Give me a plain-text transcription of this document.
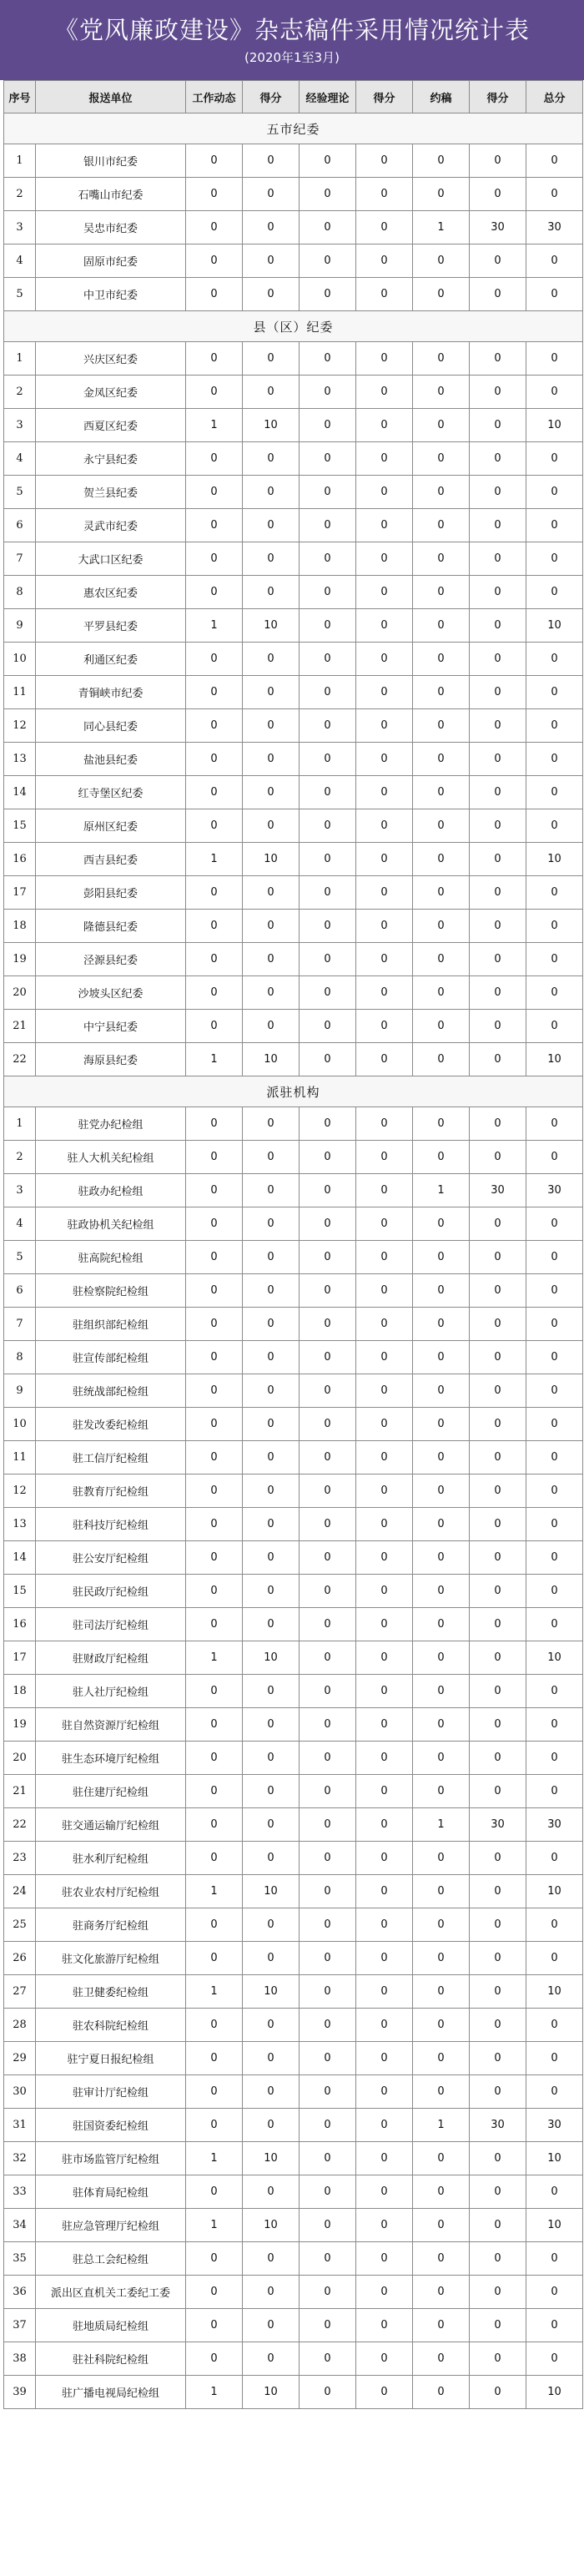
《党风廉政建设》杂志稿件采用情况统计表
(2020年1至3月)
序号	报送单位	工作动态	得分	经验理论	得分	约稿	得分	总分
五市纪委								
1	银川市纪委	0	0	0	0	0	0	0
2	石嘴山市纪委	0	0	0	0	0	0	0
3	吴忠市纪委	0	0	0	0	1	30	30
4	固原市纪委	0	0	0	0	0	0	0
5	中卫市纪委	0	0	0	0	0	0	0
县（区）纪委								
1	兴庆区纪委	0	0	0	0	0	0	0
2	金凤区纪委	0	0	0	0	0	0	0
3	西夏区纪委	1	10	0	0	0	0	10
4	永宁县纪委	0	0	0	0	0	0	0
5	贺兰县纪委	0	0	0	0	0	0	0
6	灵武市纪委	0	0	0	0	0	0	0
7	大武口区纪委	0	0	0	0	0	0	0
8	惠农区纪委	0	0	0	0	0	0	0
9	平罗县纪委	1	10	0	0	0	0	10
10	利通区纪委	0	0	0	0	0	0	0
11	青铜峡市纪委	0	0	0	0	0	0	0
12	同心县纪委	0	0	0	0	0	0	0
13	盐池县纪委	0	0	0	0	0	0	0
14	红寺堡区纪委	0	0	0	0	0	0	0
15	原州区纪委	0	0	0	0	0	0	0
16	西吉县纪委	1	10	0	0	0	0	10
17	彭阳县纪委	0	0	0	0	0	0	0
18	隆德县纪委	0	0	0	0	0	0	0
19	泾源县纪委	0	0	0	0	0	0	0
20	沙坡头区纪委	0	0	0	0	0	0	0
21	中宁县纪委	0	0	0	0	0	0	0
22	海原县纪委	1	10	0	0	0	0	10
派驻机构								
1	驻党办纪检组	0	0	0	0	0	0	0
2	驻人大机关纪检组	0	0	0	0	0	0	0
3	驻政办纪检组	0	0	0	0	1	30	30
4	驻政协机关纪检组	0	0	0	0	0	0	0
5	驻高院纪检组	0	0	0	0	0	0	0
6	驻检察院纪检组	0	0	0	0	0	0	0
7	驻组织部纪检组	0	0	0	0	0	0	0
8	驻宣传部纪检组	0	0	0	0	0	0	0
9	驻统战部纪检组	0	0	0	0	0	0	0
10	驻发改委纪检组	0	0	0	0	0	0	0
11	驻工信厅纪检组	0	0	0	0	0	0	0
12	驻教育厅纪检组	0	0	0	0	0	0	0
13	驻科技厅纪检组	0	0	0	0	0	0	0
14	驻公安厅纪检组	0	0	0	0	0	0	0
15	驻民政厅纪检组	0	0	0	0	0	0	0
16	驻司法厅纪检组	0	0	0	0	0	0	0
17	驻财政厅纪检组	1	10	0	0	0	0	10
18	驻人社厅纪检组	0	0	0	0	0	0	0
19	驻自然资源厅纪检组	0	0	0	0	0	0	0
20	驻生态环境厅纪检组	0	0	0	0	0	0	0
21	驻住建厅纪检组	0	0	0	0	0	0	0
22	驻交通运输厅纪检组	0	0	0	0	1	30	30
23	驻水利厅纪检组	0	0	0	0	0	0	0
24	驻农业农村厅纪检组	1	10	0	0	0	0	10
25	驻商务厅纪检组	0	0	0	0	0	0	0
26	驻文化旅游厅纪检组	0	0	0	0	0	0	0
27	驻卫健委纪检组	1	10	0	0	0	0	10
28	驻农科院纪检组	0	0	0	0	0	0	0
29	驻宁夏日报纪检组	0	0	0	0	0	0	0
30	驻审计厅纪检组	0	0	0	0	0	0	0
31	驻国资委纪检组	0	0	0	0	1	30	30
32	驻市场监管厅纪检组	1	10	0	0	0	0	10
33	驻体育局纪检组	0	0	0	0	0	0	0
34	驻应急管理厅纪检组	1	10	0	0	0	0	10
35	驻总工会纪检组	0	0	0	0	0	0	0
36	派出区直机关工委纪工委	0	0	0	0	0	0	0
37	驻地质局纪检组	0	0	0	0	0	0	0
38	驻社科院纪检组	0	0	0	0	0	0	0
39	驻广播电视局纪检组	1	10	0	0	0	0	10
